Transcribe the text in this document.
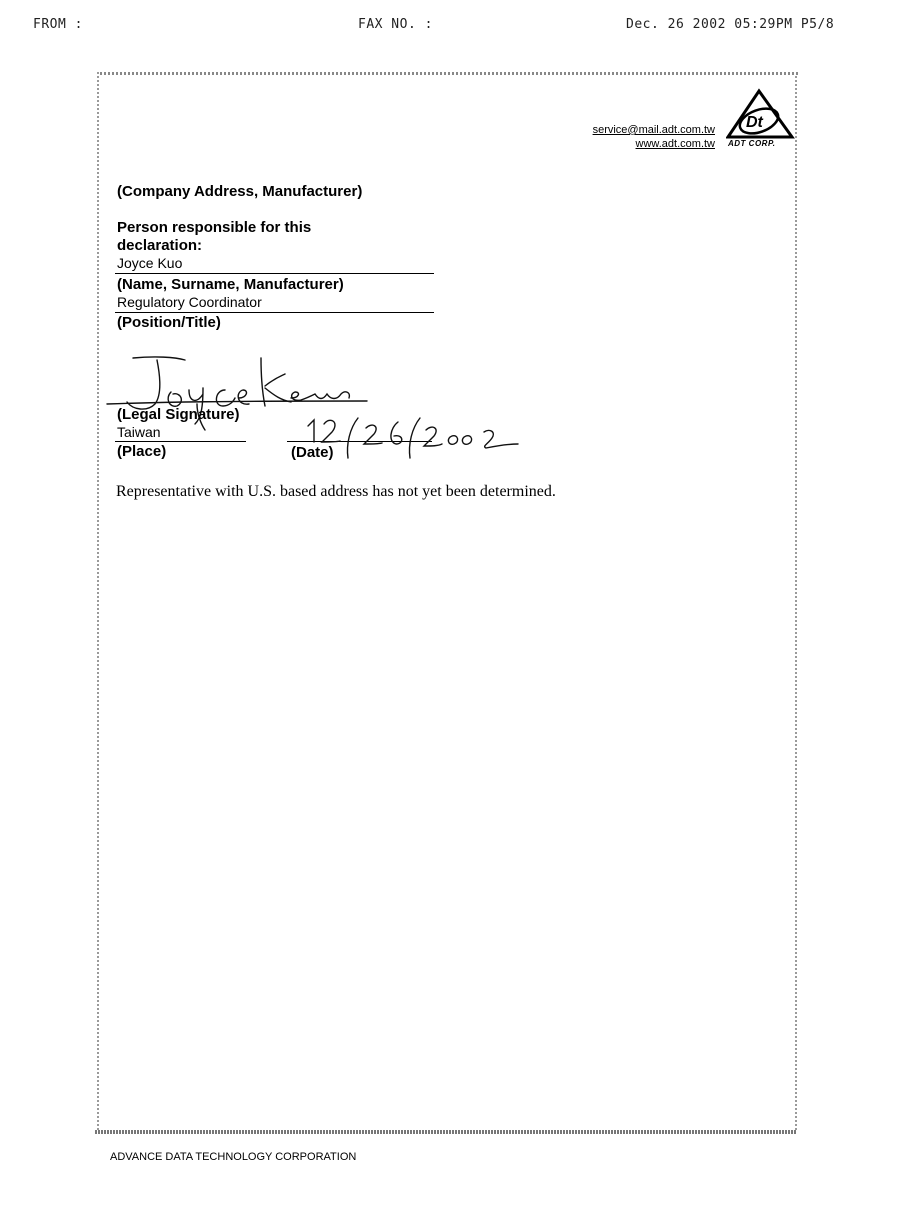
FROM :	FAX NO. :	Dec. 26 2002 05:29PM P5/8
service@mail.adt.com.tw
www.adt.com.tw
Dt
ADT CORP.
(Company Address, Manufacturer)
Person responsible for this
declaration:
Joyce Kuo
(Name, Surname, Manufacturer)
Regulatory Coordinator
(Position/Title)
(Legal Signature)
Taiwan
(Place)	(Date)
Representative with U.S. based address has not yet been determined.
ADVANCE DATA TECHNOLOGY CORPORATION
